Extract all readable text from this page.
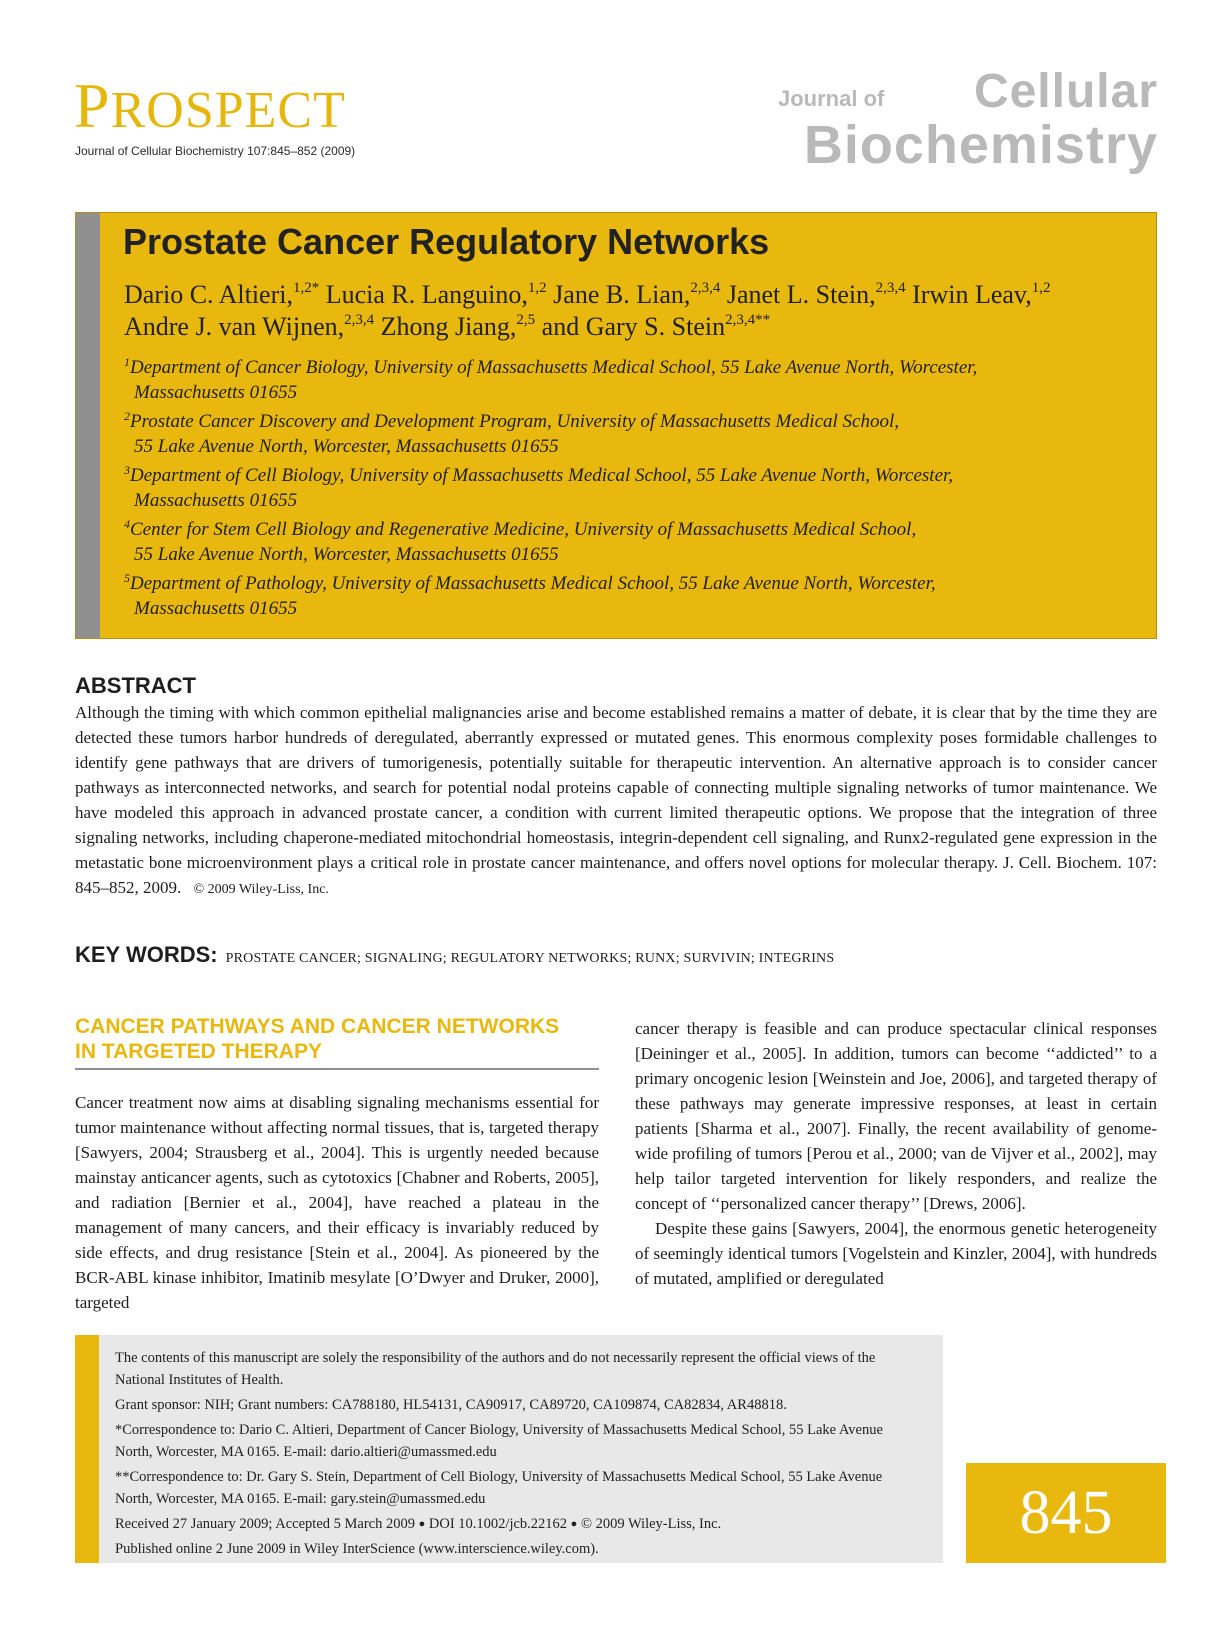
PROSPECT
Journal of Cellular Biochemistry 107:845–852 (2009)
Journal of Cellular
Biochemistry
Prostate Cancer Regulatory Networks
Dario C. Altieri,$^{1,2*}$ Lucia R. Languino,$^{1,2}$ Jane B. Lian,$^{2,3,4}$ Janet L. Stein,$^{2,3,4}$ Irwin Leav,$^{1,2}$
Andre J. van Wijnen,$^{2,3,4}$ Zhong Jiang,$^{2,5}$ and Gary S. Stein$^{2,3,4**}$
$^1$Department of Cancer Biology, University of Massachusetts Medical School, 55 Lake Avenue North, Worcester,
Massachusetts 01655
$^2$Prostate Cancer Discovery and Development Program, University of Massachusetts Medical School,
55 Lake Avenue North, Worcester, Massachusetts 01655
$^3$Department of Cell Biology, University of Massachusetts Medical School, 55 Lake Avenue North, Worcester,
Massachusetts 01655
$^4$Center for Stem Cell Biology and Regenerative Medicine, University of Massachusetts Medical School,
55 Lake Avenue North, Worcester, Massachusetts 01655
$^5$Department of Pathology, University of Massachusetts Medical School, 55 Lake Avenue North, Worcester,
Massachusetts 01655
ABSTRACT
Although the timing with which common epithelial malignancies arise and become established remains a matter of debate, it is clear that by the time they are detected these tumors harbor hundreds of deregulated, aberrantly expressed or mutated genes. This enormous complexity poses formidable challenges to identify gene pathways that are drivers of tumorigenesis, potentially suitable for therapeutic intervention. An alternative approach is to consider cancer pathways as interconnected networks, and search for potential nodal proteins capable of connecting multiple signaling networks of tumor maintenance. We have modeled this approach in advanced prostate cancer, a condition with current limited therapeutic options. We propose that the integration of three signaling networks, including chaperone-mediated mitochondrial homeostasis, integrin-dependent cell signaling, and Runx2-regulated gene expression in the metastatic bone microenvironment plays a critical role in prostate cancer maintenance, and offers novel options for molecular therapy. J. Cell. Biochem. 107: 845–852, 2009. © 2009 Wiley-Liss, Inc.
KEY WORDS: PROSTATE CANCER; SIGNALING; REGULATORY NETWORKS; RUNX; SURVIVIN; INTEGRINS
CANCER PATHWAYS AND CANCER NETWORKS
IN TARGETED THERAPY

Cancer treatment now aims at disabling signaling mechanisms essential for tumor maintenance without affecting normal tissues, that is, targeted therapy [Sawyers, 2004; Strausberg et al., 2004]. This is urgently needed because mainstay anticancer agents, such as cytotoxics [Chabner and Roberts, 2005], and radiation [Bernier et al., 2004], have reached a plateau in the management of many cancers, and their efficacy is invariably reduced by side effects, and drug resistance [Stein et al., 2004]. As pioneered by the BCR-ABL kinase inhibitor, Imatinib mesylate [O’Dwyer and Druker, 2000], targeted

cancer therapy is feasible and can produce spectacular clinical responses [Deininger et al., 2005]. In addition, tumors can become ‘‘addicted’’ to a primary oncogenic lesion [Weinstein and Joe, 2006], and targeted therapy of these pathways may generate impressive responses, at least in certain patients [Sharma et al., 2007]. Finally, the recent availability of genome-wide profiling of tumors [Perou et al., 2000; van de Vijver et al., 2002], may help tailor targeted intervention for likely responders, and realize the concept of ‘‘personalized cancer therapy’’ [Drews, 2006].

Despite these gains [Sawyers, 2004], the enormous genetic heterogeneity of seemingly identical tumors [Vogelstein and Kinzler, 2004], with hundreds of mutated, amplified or deregulated

The contents of this manuscript are solely the responsibility of the authors and do not necessarily represent the official views of the National Institutes of Health.

Grant sponsor: NIH; Grant numbers: CA788180, HL54131, CA90917, CA89720, CA109874, CA82834, AR48818.

*Correspondence to: Dario C. Altieri, Department of Cancer Biology, University of Massachusetts Medical School, 55 Lake Avenue North, Worcester, MA 0165. E-mail: dario.altieri@umassmed.edu

**Correspondence to: Dr. Gary S. Stein, Department of Cell Biology, University of Massachusetts Medical School, 55 Lake Avenue North, Worcester, MA 0165. E-mail: gary.stein@umassmed.edu

Received 27 January 2009; Accepted 5 March 2009 ● DOI 10.1002/jcb.22162 ● © 2009 Wiley-Liss, Inc.

Published online 2 June 2009 in Wiley InterScience (www.interscience.wiley.com).

845
